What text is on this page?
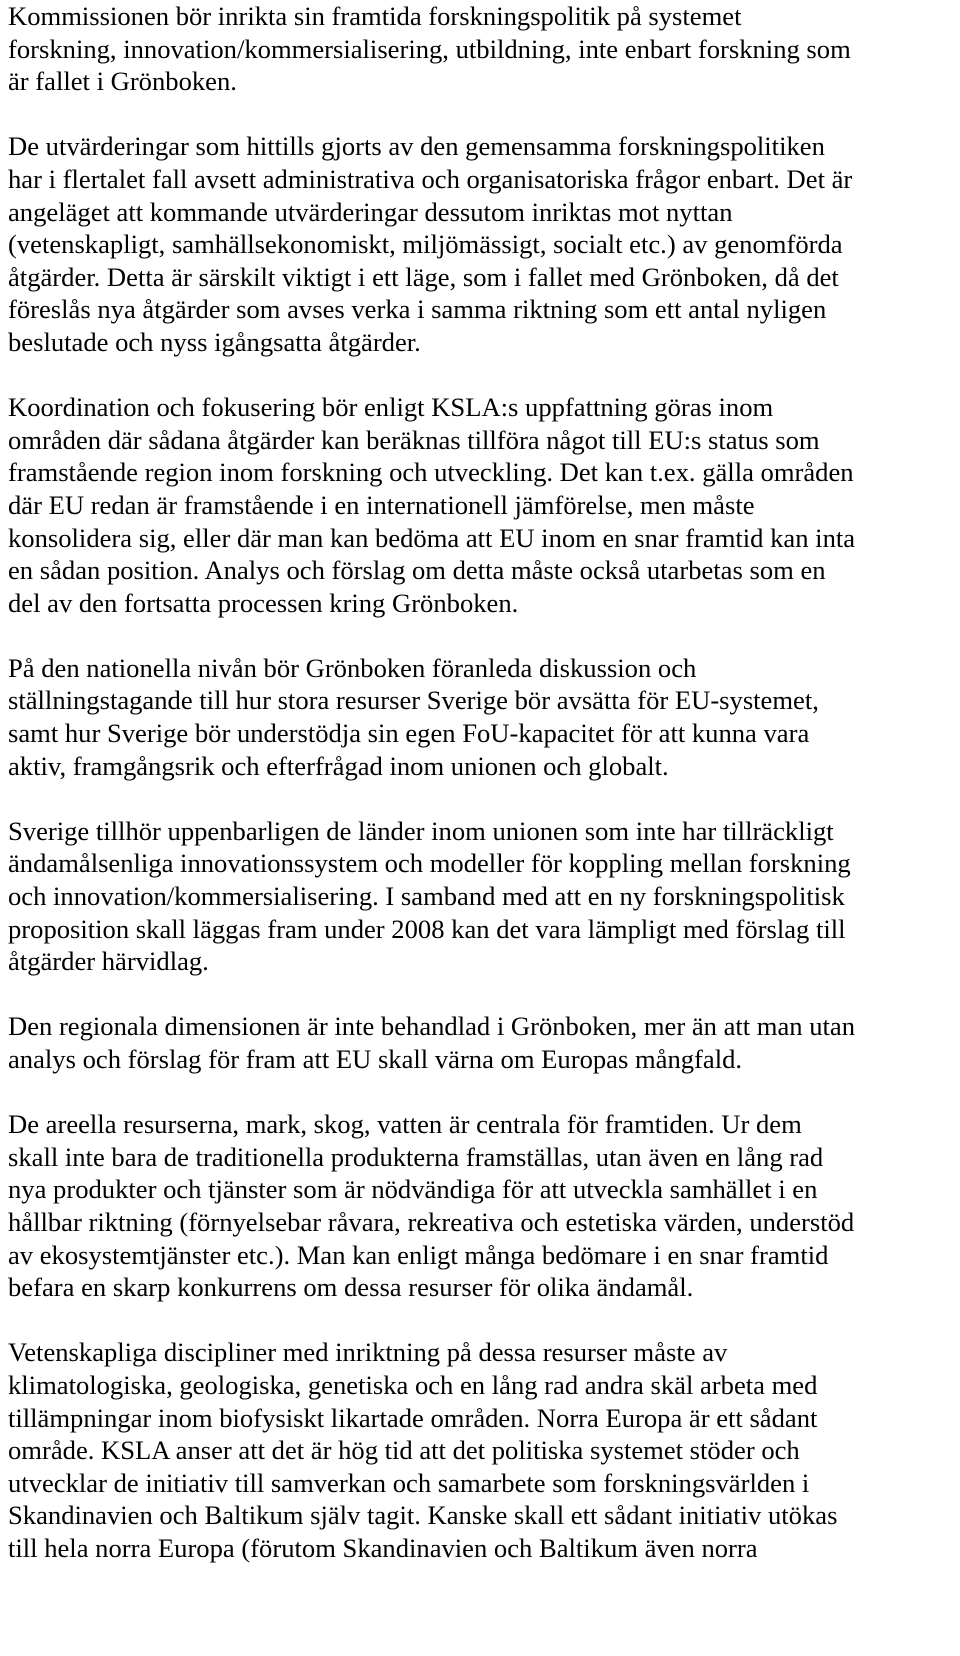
Kommissionen bör inrikta sin framtida forskningspolitik på systemet
forskning, innovation/kommersialisering, utbildning, inte enbart forskning som
är fallet i Grönboken.

De utvärderingar som hittills gjorts av den gemensamma forskningspolitiken
har i flertalet fall avsett administrativa och organisatoriska frågor enbart. Det är
angeläget att kommande utvärderingar dessutom inriktas mot nyttan
(vetenskapligt, samhällsekonomiskt, miljömässigt, socialt etc.) av genomförda
åtgärder. Detta är särskilt viktigt i ett läge, som i fallet med Grönboken, då det
föreslås nya åtgärder som avses verka i samma riktning som ett antal nyligen
beslutade och nyss igångsatta åtgärder.

Koordination och fokusering bör enligt KSLA:s uppfattning göras inom
områden där sådana åtgärder kan beräknas tillföra något till EU:s status som
framstående region inom forskning och utveckling. Det kan t.ex. gälla områden
där EU redan är framstående i en internationell jämförelse, men måste
konsolidera sig, eller där man kan bedöma att EU inom en snar framtid kan inta
en sådan position. Analys och förslag om detta måste också utarbetas som en
del av den fortsatta processen kring Grönboken.

På den nationella nivån bör Grönboken föranleda diskussion och
ställningstagande till hur stora resurser Sverige bör avsätta för EU-systemet,
samt hur Sverige bör understödja sin egen FoU-kapacitet för att kunna vara
aktiv, framgångsrik och efterfrågad inom unionen och globalt.

Sverige tillhör uppenbarligen de länder inom unionen som inte har tillräckligt
ändamålsenliga innovationssystem och modeller för koppling mellan forskning
och innovation/kommersialisering. I samband med att en ny forskningspolitisk
proposition skall läggas fram under 2008 kan det vara lämpligt med förslag till
åtgärder härvidlag.

Den regionala dimensionen är inte behandlad i Grönboken, mer än att man utan
analys och förslag för fram att EU skall värna om Europas mångfald.

De areella resurserna, mark, skog, vatten är centrala för framtiden. Ur dem
skall inte bara de traditionella produkterna framställas, utan även en lång rad
nya produkter och tjänster som är nödvändiga för att utveckla samhället i en
hållbar riktning (förnyelsebar råvara, rekreativa och estetiska värden, understöd
av ekosystemtjänster etc.). Man kan enligt många bedömare i en snar framtid
befara en skarp konkurrens om dessa resurser för olika ändamål.

Vetenskapliga discipliner med inriktning på dessa resurser måste av
klimatologiska, geologiska, genetiska och en lång rad andra skäl arbeta med
tillämpningar inom biofysiskt likartade områden. Norra Europa är ett sådant
område. KSLA anser att det är hög tid att det politiska systemet stöder och
utvecklar de initiativ till samverkan och samarbete som forskningsvärlden i
Skandinavien och Baltikum själv tagit. Kanske skall ett sådant initiativ utökas
till hela norra Europa (förutom Skandinavien och Baltikum även norra
